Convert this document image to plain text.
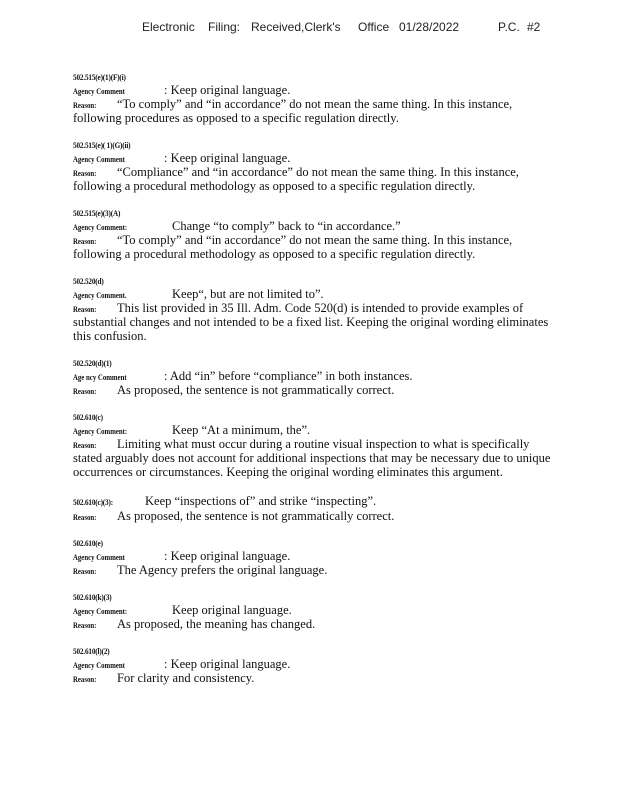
Electronic Filing: Received,Clerk's Office 01/28/2022	P.C. #2
502.515(e)(1)(F)(i)
Agency Comment	: Keep original language.
Reason: “To comply” and “in accordance” do not mean the same thing. In this instance,
following procedures as opposed to a specific regulation directly.
502.515(e)( 1)(G)(ii)
Agency Comment	: Keep original language.
Reason: “Compliance” and “in accordance” do not mean the same thing. In this instance,
following a procedural methodology as opposed to a specific regulation directly.
502.515(e)(3)(A)
Agency Comment:	Change “to comply” back to “in accordance.”
Reason: “To comply” and “in accordance” do not mean the same thing. In this instance,
following a procedural methodology as opposed to a specific regulation directly.
502.520(d)
Agency Comment.	Keep“, but are not limited to”.
Reason: This list provided in 35 Ill. Adm. Code 520(d) is intended to provide examples of
substantial changes and not intended to be a fixed list. Keeping the original wording eliminates
this confusion.
502.520(d)(1)
Age ncy Comment	: Add “in” before “compliance” in both instances.
Reason: As proposed, the sentence is not grammatically correct.
502.610(c)
Agency Comment:	Keep “At a minimum, the”.
Reason: Limiting what must occur during a routine visual inspection to what is specifically
stated arguably does not account for additional inspections that may be necessary due to unique
occurrences or circumstances. Keeping the original wording eliminates this argument.
502.610(c)(3):	Keep “inspections of” and strike “inspecting”.
Reason: As proposed, the sentence is not grammatically correct.
502.610(e)
Agency Comment	: Keep original language.
Reason: The Agency prefers the original language.
502.610(k)(3)
Agency Comment:	Keep original language.
Reason: As proposed, the meaning has changed.
502.610(l)(2)
Agency Comment	: Keep original language.
Reason: For clarity and consistency.
